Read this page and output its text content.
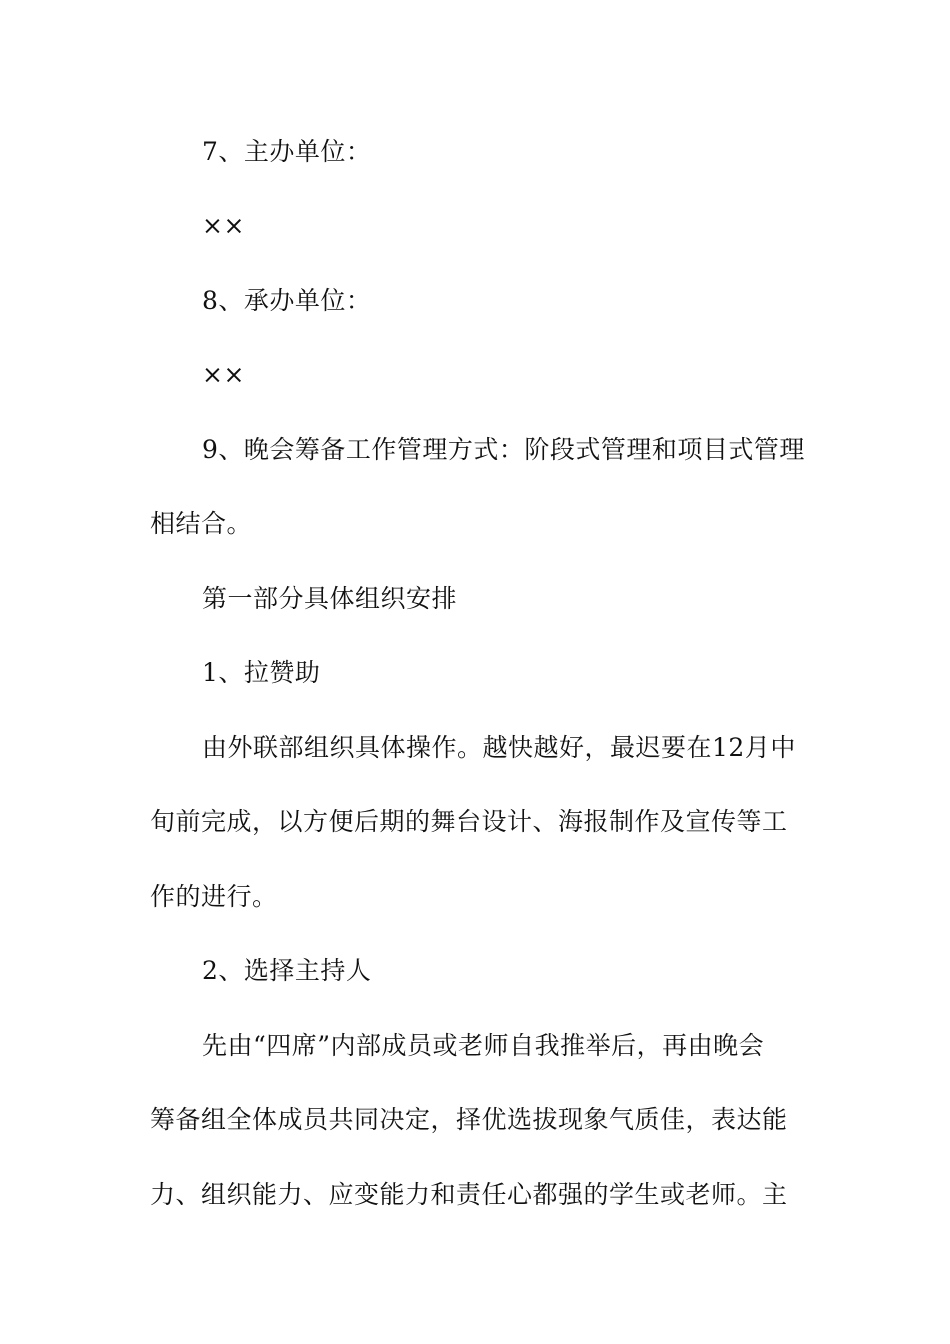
7、主办单位：
××
8、承办单位：
××
9、晚会筹备工作管理方式：阶段式管理和项目式管理
相结合。
第一部分具体组织安排
1、拉赞助
由外联部组织具体操作。越快越好，最迟要在12月中
旬前完成，以方便后期的舞台设计、海报制作及宣传等工
作的进行。
2、选择主持人
先由“四席”内部成员或老师自我推举后，再由晚会
筹备组全体成员共同决定，择优选拔现象气质佳，表达能
力、组织能力、应变能力和责任心都强的学生或老师。主
